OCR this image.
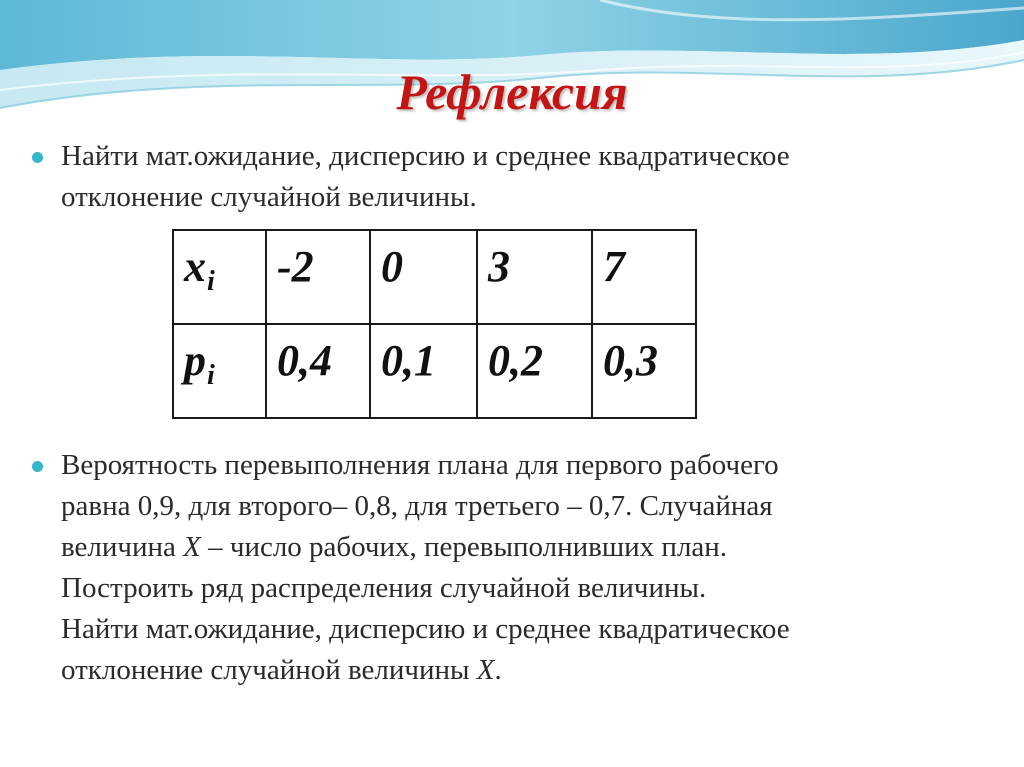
Рефлексия
Найти мат.ожидание, дисперсию и среднее квадратическое
отклонение случайной величины.
$x_i$	-2	0	3	7
$p_i$	0,4	0,1	0,2	0,3
Вероятность перевыполнения плана для первого рабочего
равна 0,9, для второго– 0,8, для третьего – 0,7. Случайная
величина X – число рабочих, перевыполнивших план.
Построить ряд распределения случайной величины.
Найти мат.ожидание, дисперсию и среднее квадратическое
отклонение случайной величины X.
